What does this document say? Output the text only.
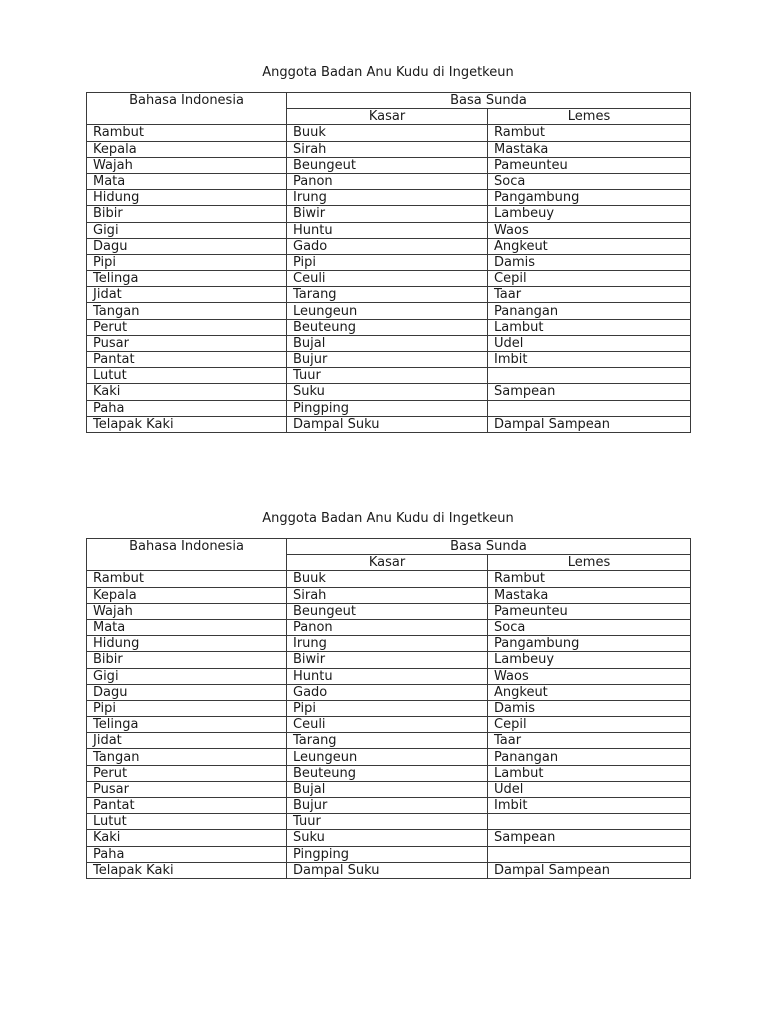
Anggota Badan Anu Kudu di Ingetkeun
Bahasa Indonesia	Basa Sunda	
	Kasar	Lemes
Rambut	Buuk	Rambut
Kepala	Sirah	Mastaka
Wajah	Beungeut	Pameunteu
Mata	Panon	Soca
Hidung	Irung	Pangambung
Bibir	Biwir	Lambeuy
Gigi	Huntu	Waos
Dagu	Gado	Angkeut
Pipi	Pipi	Damis
Telinga	Ceuli	Cepil
Jidat	Tarang	Taar
Tangan	Leungeun	Panangan
Perut	Beuteung	Lambut
Pusar	Bujal	Udel
Pantat	Bujur	Imbit
Lutut	Tuur	
Kaki	Suku	Sampean
Paha	Pingping	
Telapak Kaki	Dampal Suku	Dampal Sampean
Anggota Badan Anu Kudu di Ingetkeun
Bahasa Indonesia	Basa Sunda	
	Kasar	Lemes
Rambut	Buuk	Rambut
Kepala	Sirah	Mastaka
Wajah	Beungeut	Pameunteu
Mata	Panon	Soca
Hidung	Irung	Pangambung
Bibir	Biwir	Lambeuy
Gigi	Huntu	Waos
Dagu	Gado	Angkeut
Pipi	Pipi	Damis
Telinga	Ceuli	Cepil
Jidat	Tarang	Taar
Tangan	Leungeun	Panangan
Perut	Beuteung	Lambut
Pusar	Bujal	Udel
Pantat	Bujur	Imbit
Lutut	Tuur	
Kaki	Suku	Sampean
Paha	Pingping	
Telapak Kaki	Dampal Suku	Dampal Sampean
